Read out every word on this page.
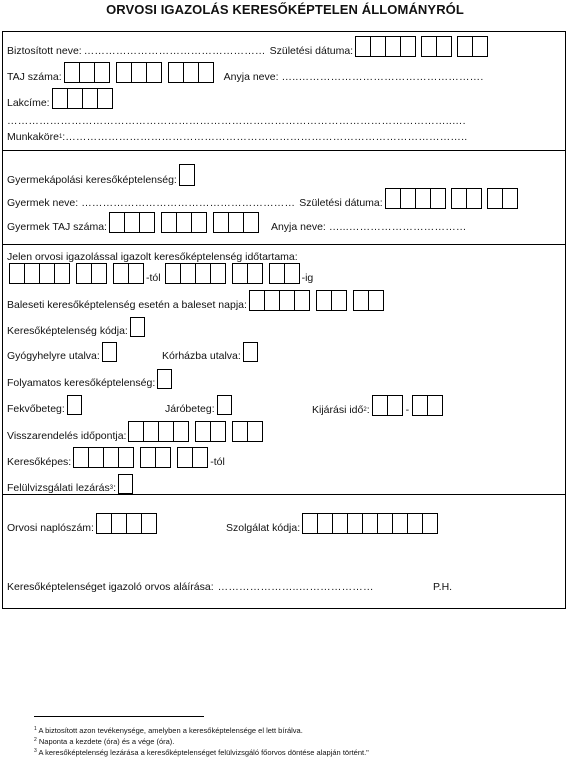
ORVOSI IGAZOLÁS KERESŐKÉPTELEN ÁLLOMÁNYRÓL
Biztosított neve: …………………………………………… Születési dátuma:
TAJ száma:	Anyja neve: …..…………………………………………….
Lakcíme:
……………………………………………………………………………………………………………..….
Munkaköre 1 : …………………………………………………………………………………………………..
Gyermekápolási keresőképtelenség:
Gyermek neve: …………………………………………………… Születési dátuma:
Gyermek TAJ száma:	Anyja neve: …...……………………………
Jelen orvosi igazolással igazolt keresőképtelenség időtartama:
-tól	-ig
Baleseti keresőképtelenség esetén a baleset napja:
Keresőképtelenség kódja:
Gyógyhelyre utalva:	Kórházba utalva:
Folyamatos keresőképtelenség:
Fekvőbeteg:	Járóbeteg:	Kijárási idő 2 :	-
Visszarendelés időpontja:
Keresőképes:	-tól
Felülvizsgálati lezárás 3 :
Orvosi naplószám:	Szolgálat kódja:
Keresőképtelenséget igazoló orvos aláírása: …………………..…………………	P.H.
$^1$ A biztosított azon tevékenysége, amelyben a keresőképtelensége el lett bírálva.
$^2$ Naponta a kezdete (óra) és a vége (óra).
$^3$ A keresőképtelenség lezárása a keresőképtelenséget felülvizsgáló főorvos döntése alapján történt."
